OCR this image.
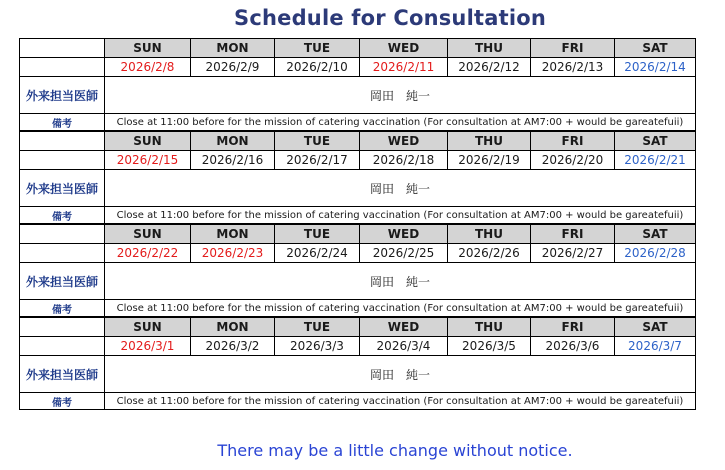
Schedule for Consultation
	SUN	MON	TUE	WED	THU	FRI	SAT
	2026/2/8	2026/2/9	2026/2/10	2026/2/11	2026/2/12	2026/2/13	2026/2/14
外来担当医師	岡田　純一						
備考	Close at 11:00 before for the mission of catering vaccination (For consultation at AM7:00 + would be gareatefuii)						
	SUN	MON	TUE	WED	THU	FRI	SAT
	2026/2/15	2026/2/16	2026/2/17	2026/2/18	2026/2/19	2026/2/20	2026/2/21
外来担当医師	岡田　純一						
備考	Close at 11:00 before for the mission of catering vaccination (For consultation at AM7:00 + would be gareatefuii)						
	SUN	MON	TUE	WED	THU	FRI	SAT
	2026/2/22	2026/2/23	2026/2/24	2026/2/25	2026/2/26	2026/2/27	2026/2/28
外来担当医師	岡田　純一						
備考	Close at 11:00 before for the mission of catering vaccination (For consultation at AM7:00 + would be gareatefuii)						
	SUN	MON	TUE	WED	THU	FRI	SAT
	2026/3/1	2026/3/2	2026/3/3	2026/3/4	2026/3/5	2026/3/6	2026/3/7
外来担当医師	岡田　純一						
備考	Close at 11:00 before for the mission of catering vaccination (For consultation at AM7:00 + would be gareatefuii)						
There may be a little change without notice.
